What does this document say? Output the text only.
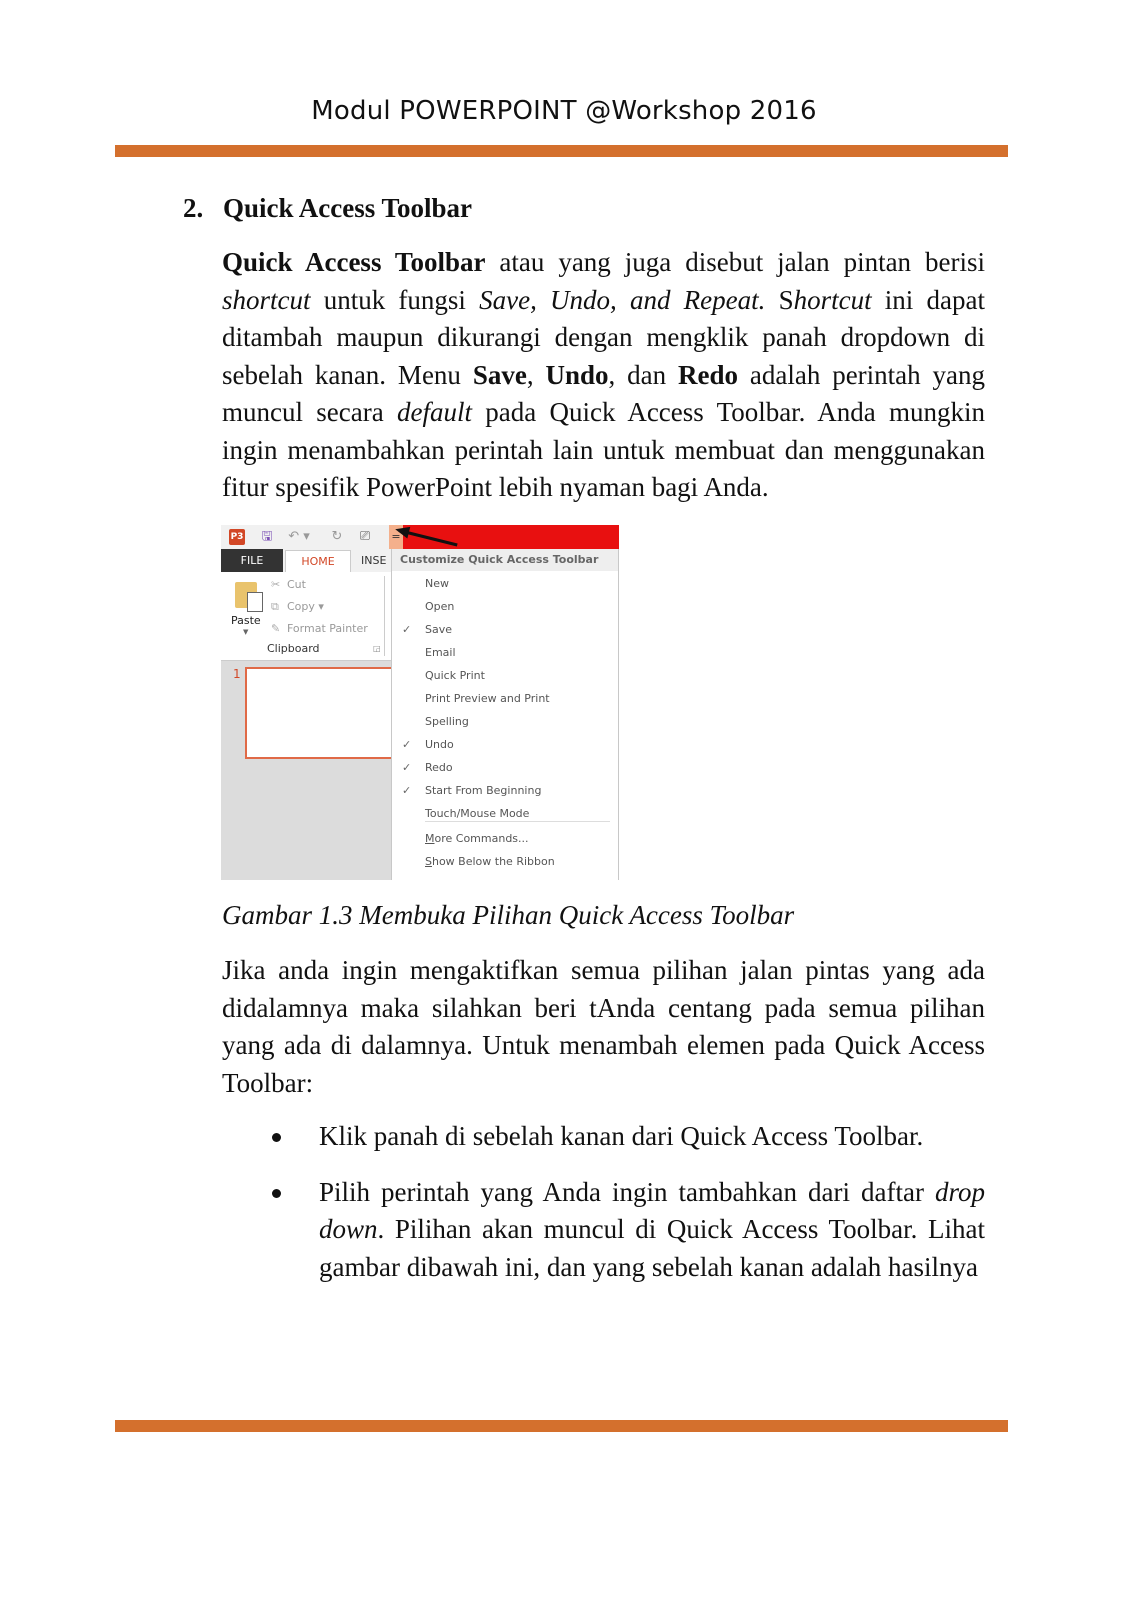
Modul POWERPOINT @Workshop 2016
2. Quick Access Toolbar
Quick Access Toolbar atau yang juga disebut jalan pintan berisi shortcut untuk fungsi Save, Undo, and Repeat. Shortcut ini dapat ditambah maupun dikurangi dengan mengklik panah dropdown di sebelah kanan. Menu Save, Undo, dan Redo adalah perintah yang muncul secara default pada Quick Access Toolbar. Anda mungkin ingin menambahkan perintah lain untuk membuat dan menggunakan fitur spesifik PowerPoint lebih nyaman bagi Anda.
P3 🖫 ↶ ▾ ↻ ⎚ =
FILE	HOME	INSE
Paste
▼
✂ Cut
⧉ Copy ▾
✎ Format Painter
Clipboard	◲
1
Customize Quick Access Toolbar
New
Open
✓ Save
Email
Quick Print
Print Preview and Print
Spelling
✓ Undo
✓ Redo
✓ Start From Beginning
Touch/Mouse Mode
More Commands...
Show Below the Ribbon
Gambar 1.3 Membuka Pilihan Quick Access Toolbar
Jika anda ingin mengaktifkan semua pilihan jalan pintas yang ada didalamnya maka silahkan beri tAnda centang pada semua pilihan yang ada di dalamnya. Untuk menambah elemen pada Quick Access Toolbar:
Klik panah di sebelah kanan dari Quick Access Toolbar.
Pilih perintah yang Anda ingin tambahkan dari daftar drop down. Pilihan akan muncul di Quick Access Toolbar. Lihat gambar dibawah ini, dan yang sebelah kanan adalah hasilnya
